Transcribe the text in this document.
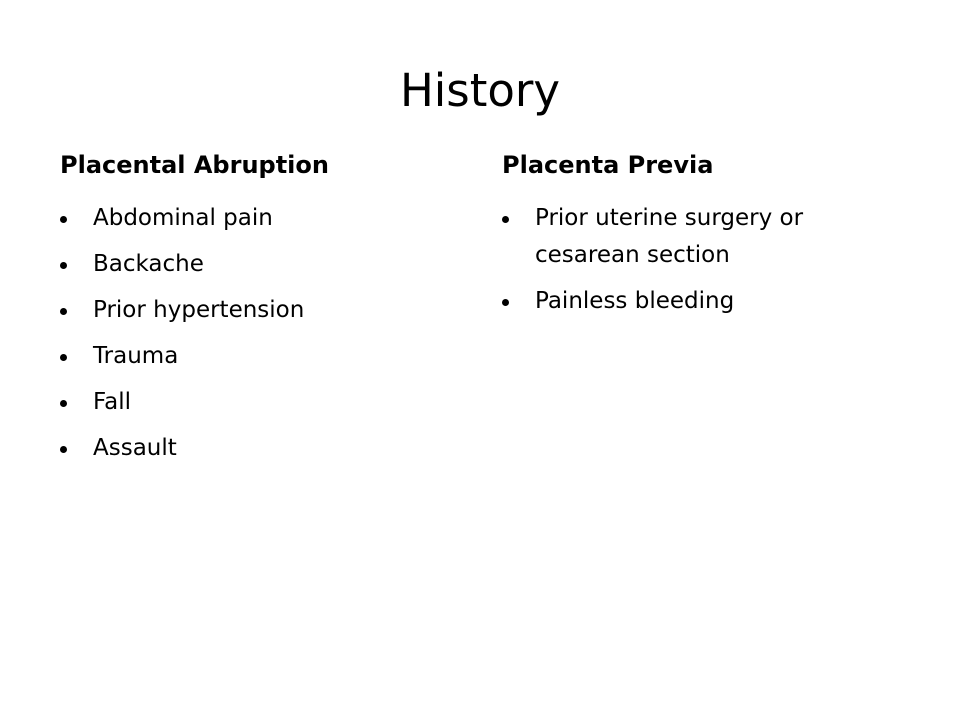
History
Placental Abruption
Abdominal pain
Backache
Prior hypertension
Trauma
Fall
Assault
Placenta Previa
Prior uterine surgery or cesarean section
Painless bleeding
